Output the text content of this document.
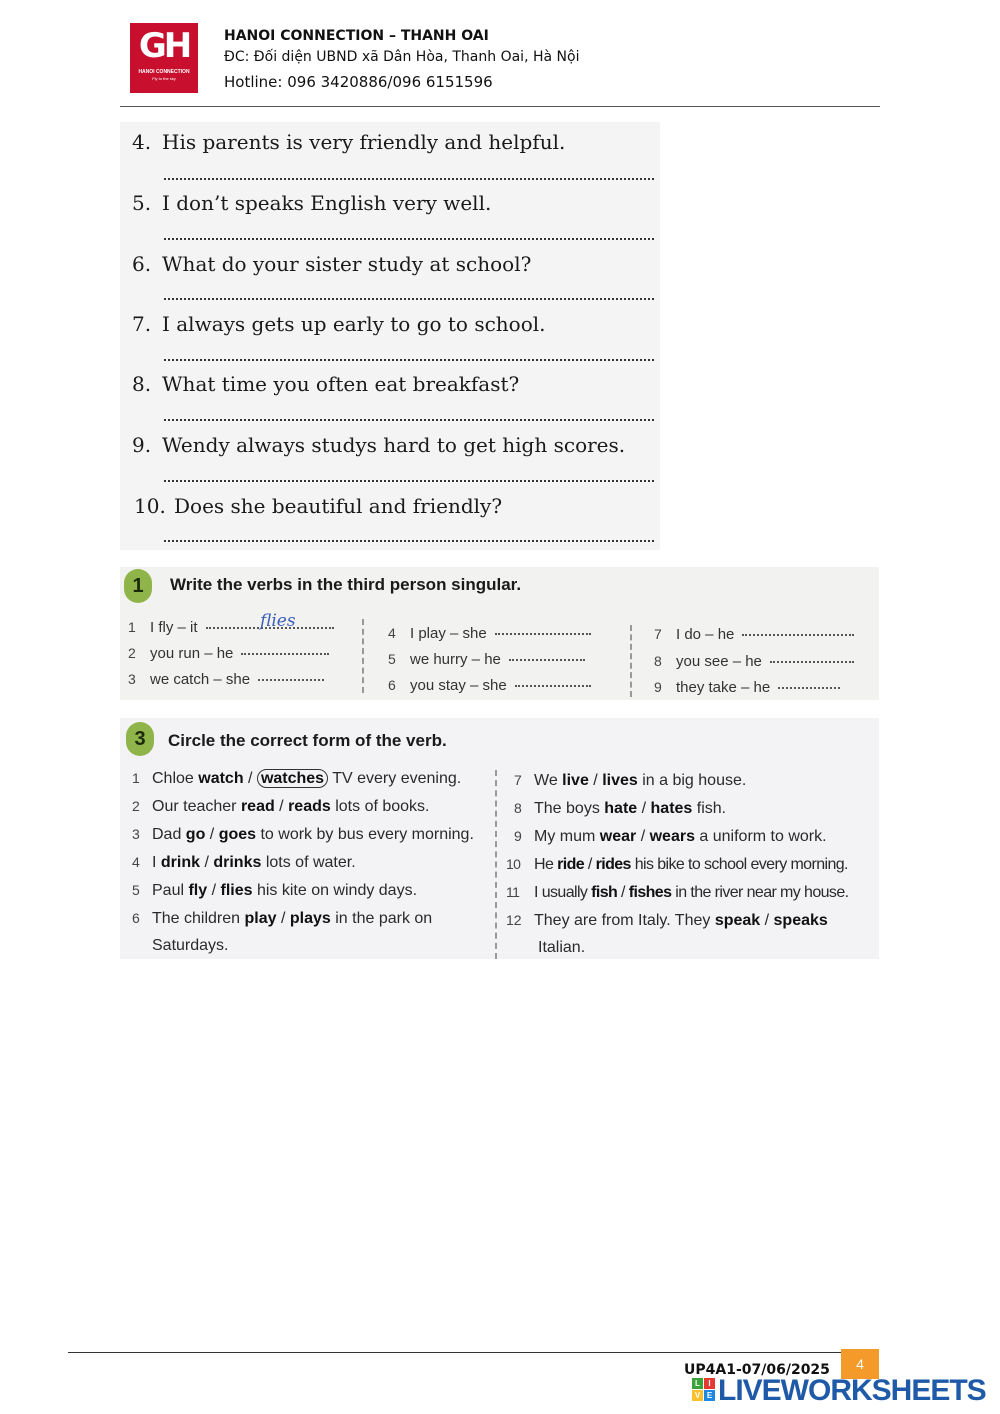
GH
HANOI CONNECTION
Fly to the sky
HANOI CONNECTION – THANH OAI
ĐC: Đối diện UBND xã Dân Hòa, Thanh Oai, Hà Nội
Hotline: 096 3420886/096 6151596
4. His parents is very friendly and helpful.
5. I don’t speaks English very well.
6. What do your sister study at school?
7. I always gets up early to go to school.
8. What time you often eat breakfast?
9. Wendy always studys hard to get high scores.
10. Does she beautiful and friendly?
1	Write the verbs in the third person singular.
1 I fly – it	flies
2 you run – he
3 we catch – she
4 I play – she
5 we hurry – he
6 you stay – she
7 I do – he
8 you see – he
9 they take – he
3	Circle the correct form of the verb.
1 Chloe watch / watches TV every evening.
2 Our teacher read / reads lots of books.
3 Dad go / goes to work by bus every morning.
4 I drink / drinks lots of water.
5 Paul fly / flies his kite on windy days.
6 The children play / plays in the park on
Saturdays.
7 We live / lives in a big house.
8 The boys hate / hates fish.
9 My mum wear / wears a uniform to work.
10 He ride / rides his bike to school every morning.
11 I usually fish / fishes in the river near my house.
12 They are from Italy. They speak / speaks
Italian.
UP4A1-07/06/2025	4
L	I
V E LIVEWORKSHEETS
